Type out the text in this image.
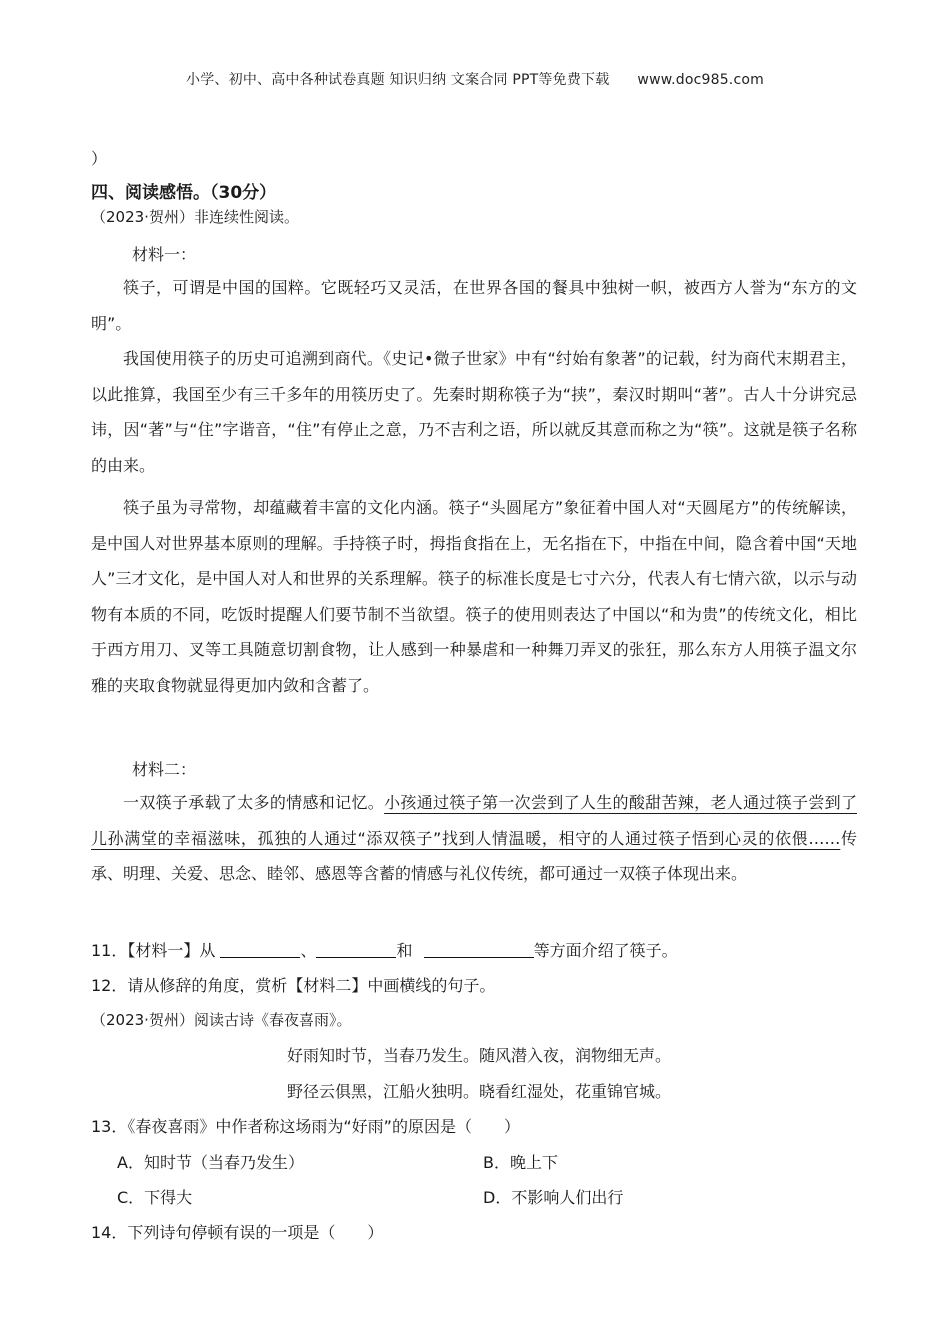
小学、初中、高中各种试卷真题 知识归纳 文案合同 PPT等免费下载 www.doc985.com
）
四、阅读感悟。（30分）
（2023·贺州）非连续性阅读。
材料一：
筷子，可谓是中国的国粹。它既轻巧又灵活，在世界各国的餐具中独树一帜，被西方人誉为“东方的文明”。
我国使用筷子的历史可追溯到商代。《史记•微子世家》中有“纣始有象著”的记载，纣为商代末期君主，以此推算，我国至少有三千多年的用筷历史了。先秦时期称筷子为“挟”，秦汉时期叫“著”。古人十分讲究忌讳，因“著”与“住”字谐音，“住”有停止之意，乃不吉利之语，所以就反其意而称之为“筷”。这就是筷子名称的由来。
筷子虽为寻常物，却蕴藏着丰富的文化内涵。筷子“头圆尾方”象征着中国人对“天圆尾方”的传统解读，是中国人对世界基本原则的理解。手持筷子时，拇指食指在上，无名指在下，中指在中间，隐含着中国“天地人”三才文化，是中国人对人和世界的关系理解。筷子的标准长度是七寸六分，代表人有七情六欲，以示与动物有本质的不同，吃饭时提醒人们要节制不当欲望。筷子的使用则表达了中国以“和为贵”的传统文化，相比于西方用刀、叉等工具随意切割食物，让人感到一种暴虐和一种舞刀弄叉的张狂，那么东方人用筷子温文尔雅的夹取食物就显得更加内敛和含蓄了。
材料二：
一双筷子承载了太多的情感和记忆。小孩通过筷子第一次尝到了人生的酸甜苦辣，老人通过筷子尝到了儿孙满堂的幸福滋味，孤独的人通过“添双筷子”找到人情温暖，相守的人通过筷子悟到心灵的依偎……传承、明理、关爱、思念、睦邻、感恩等含蓄的情感与礼仪传统，都可通过一双筷子体现出来。
11．【材料一】从	、	和	等方面介绍了筷子。
12．请从修辞的角度，赏析【材料二】中画横线的句子。
（2023·贺州）阅读古诗《春夜喜雨》。
好雨知时节，当春乃发生。随风潜入夜，润物细无声。
野径云俱黑，江船火独明。晓看红湿处，花重锦官城。
13．《春夜喜雨》中作者称这场雨为“好雨”的原因是（　　）
A．知时节（当春乃发生）	B．晚上下
C．下得大	D．不影响人们出行
14．下列诗句停顿有误的一项是（　　）
